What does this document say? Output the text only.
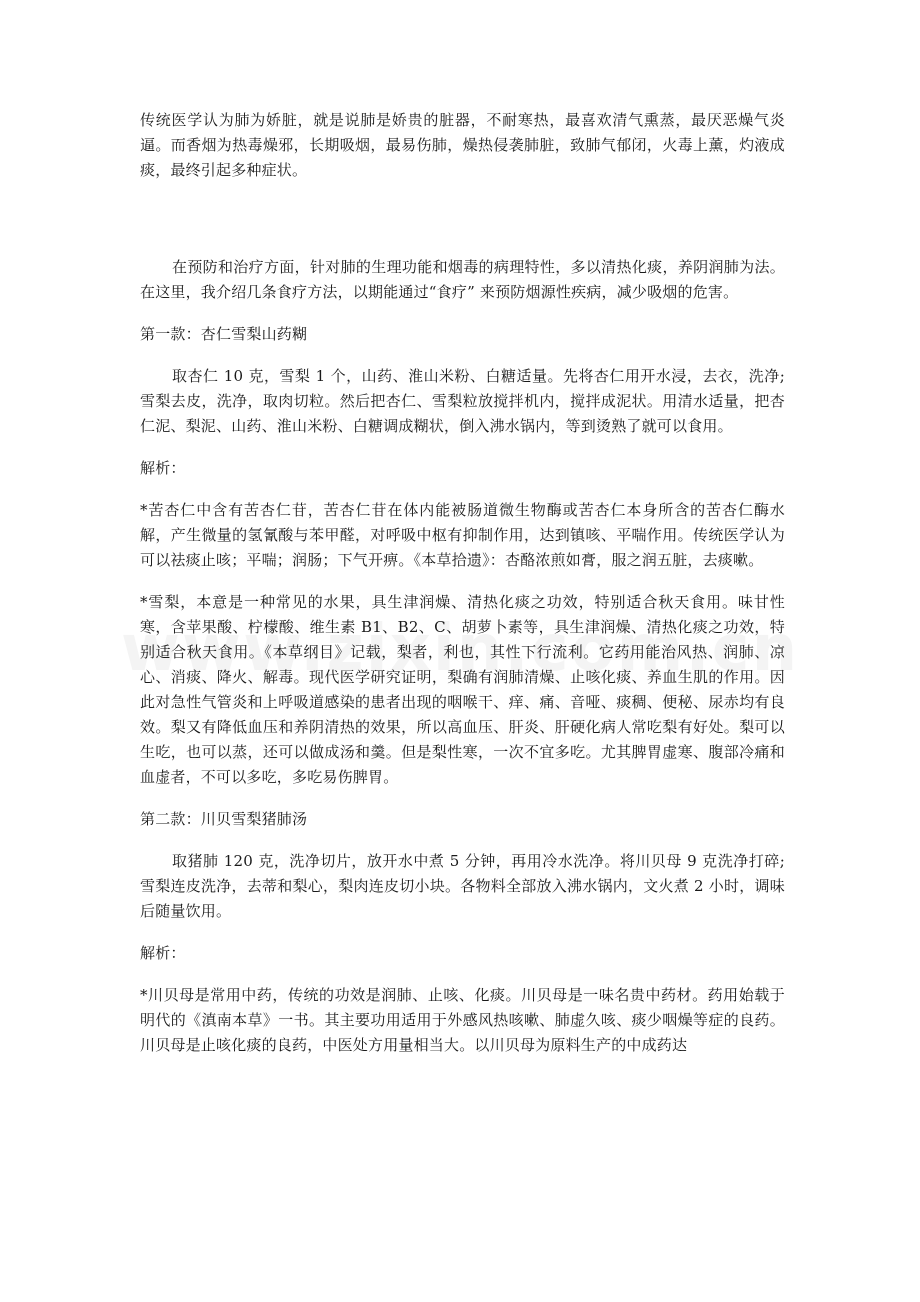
传统医学认为肺为娇脏，就是说肺是娇贵的脏器，不耐寒热，最喜欢清气熏蒸，最厌恶燥气炎逼。而香烟为热毒燥邪，长期吸烟，最易伤肺，燥热侵袭肺脏，致肺气郁闭，火毒上薰，灼液成痰，最终引起多种症状。

在预防和治疗方面，针对肺的生理功能和烟毒的病理特性，多以清热化痰，养阴润肺为法。在这里，我介绍几条食疗方法，以期能通过“食疗” 来预防烟源性疾病，减少吸烟的危害。

第一款：杏仁雪梨山药糊

取杏仁 10 克，雪梨 1 个，山药、淮山米粉、白糖适量。先将杏仁用开水浸，去衣，洗净;雪梨去皮，洗净，取肉切粒。然后把杏仁、雪梨粒放搅拌机内，搅拌成泥状。用清水适量，把杏仁泥、梨泥、山药、淮山米粉、白糖调成糊状，倒入沸水锅内，等到烫熟了就可以食用。

解析：

*苦杏仁中含有苦杏仁苷，苦杏仁苷在体内能被肠道微生物酶或苦杏仁本身所含的苦杏仁酶水解，产生微量的氢氰酸与苯甲醛，对呼吸中枢有抑制作用，达到镇咳、平喘作用。传统医学认为可以祛痰止咳；平喘；润肠；下气开痹。《本草拾遗》：杏酪浓煎如膏，服之润五脏，去痰嗽。

*雪梨，本意是一种常见的水果，具生津润燥、清热化痰之功效，特别适合秋天食用。味甘性寒，含苹果酸、柠檬酸、维生素 B1、B2、C、胡萝卜素等，具生津润燥、清热化痰之功效，特别适合秋天食用。《本草纲目》记载，梨者，利也，其性下行流利。它药用能治风热、润肺、凉心、消痰、降火、解毒。现代医学研究证明，梨确有润肺清燥、止咳化痰、养血生肌的作用。因此对急性气管炎和上呼吸道感染的患者出现的咽喉干、痒、痛、音哑、痰稠、便秘、尿赤均有良效。梨又有降低血压和养阴清热的效果，所以高血压、肝炎、肝硬化病人常吃梨有好处。梨可以生吃，也可以蒸，还可以做成汤和羹。但是梨性寒，一次不宜多吃。尤其脾胃虚寒、腹部冷痛和血虚者，不可以多吃，多吃易伤脾胃。

第二款：川贝雪梨猪肺汤

取猪肺 120 克，洗净切片，放开水中煮 5 分钟，再用冷水洗净。将川贝母 9 克洗净打碎;雪梨连皮洗净，去蒂和梨心，梨肉连皮切小块。各物料全部放入沸水锅内，文火煮 2 小时，调味后随量饮用。

解析：

*川贝母是常用中药，传统的功效是润肺、止咳、化痰。川贝母是一味名贵中药材。药用始载于明代的《滇南本草》一书。其主要功用适用于外感风热咳嗽、肺虚久咳、痰少咽燥等症的良药。川贝母是止咳化痰的良药，中医处方用量相当大。以川贝母为原料生产的中成药达
